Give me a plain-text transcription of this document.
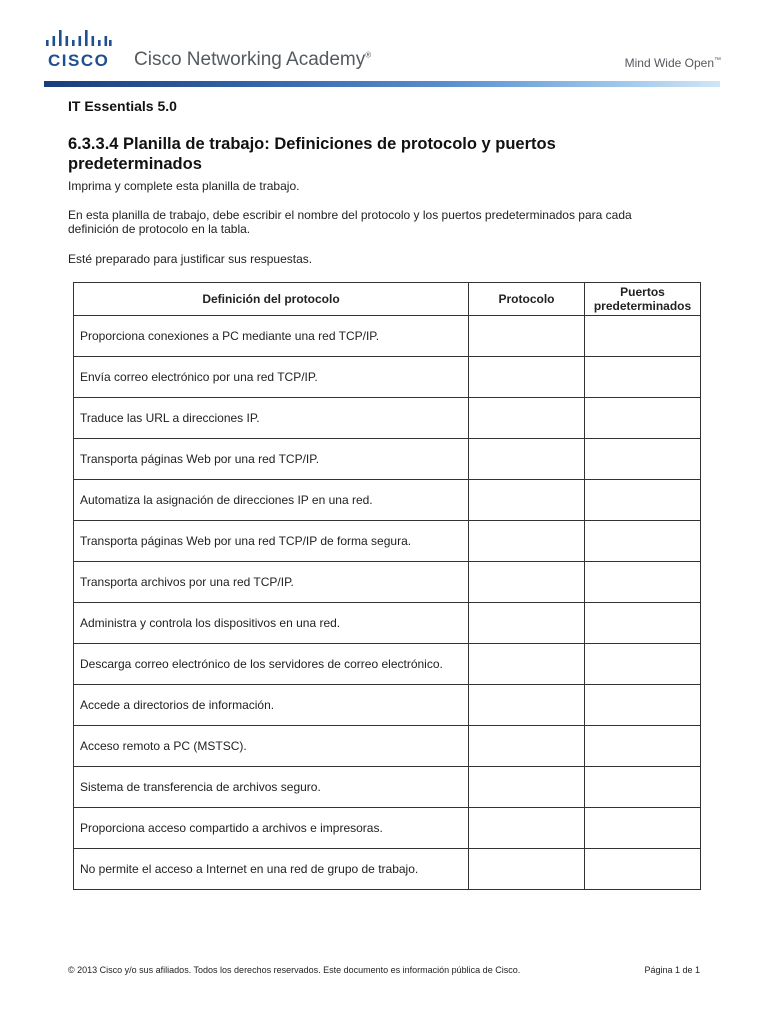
CISCO Cisco Networking Academy®
Mind Wide Open™
IT Essentials 5.0
6.3.3.4 Planilla de trabajo: Definiciones de protocolo y puertos predeterminados
Imprima y complete esta planilla de trabajo.
En esta planilla de trabajo, debe escribir el nombre del protocolo y los puertos predeterminados para cada definición de protocolo en la tabla.
Esté preparado para justificar sus respuestas.
Definición del protocolo	Protocolo	Puertos predeterminados
Proporciona conexiones a PC mediante una red TCP/IP.		
Envía correo electrónico por una red TCP/IP.		
Traduce las URL a direcciones IP.		
Transporta páginas Web por una red TCP/IP.		
Automatiza la asignación de direcciones IP en una red.		
Transporta páginas Web por una red TCP/IP de forma segura.		
Transporta archivos por una red TCP/IP.		
Administra y controla los dispositivos en una red.		
Descarga correo electrónico de los servidores de correo electrónico.		
Accede a directorios de información.		
Acceso remoto a PC (MSTSC).		
Sistema de transferencia de archivos seguro.		
Proporciona acceso compartido a archivos e impresoras.		
No permite el acceso a Internet en una red de grupo de trabajo.		
© 2013 Cisco y/o sus afiliados. Todos los derechos reservados. Este documento es información pública de Cisco.	Página 1 de 1
